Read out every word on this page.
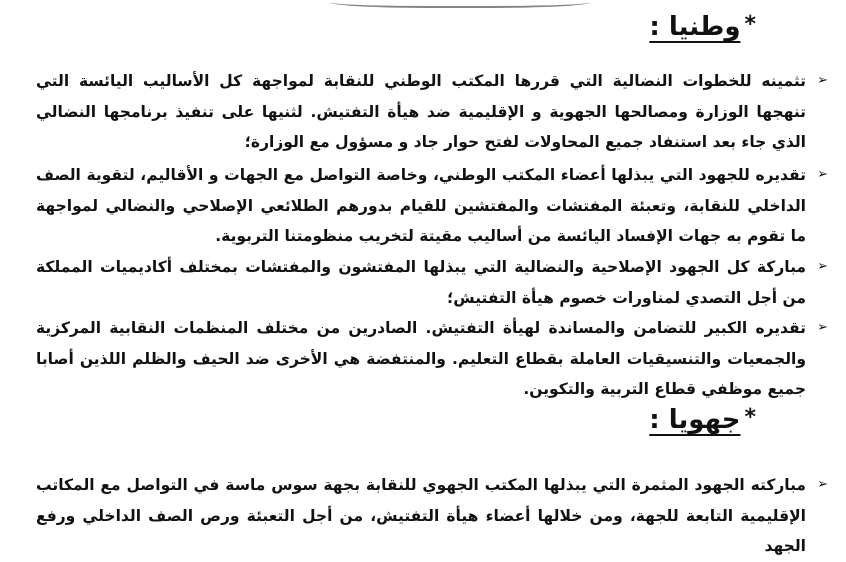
*وطنيا :
➢
تثمينه للخطوات النضالية التي قررها المكتب الوطني للنقابة لمواجهة كل الأساليب اليائسة التي تنهجها الوزارة ومصالحها الجهوية و الإقليمية ضد هيأة التفتيش. لثنيها على تنفيذ برنامجها النضالي الذي جاء بعد استنفاد جميع المحاولات لفتح حوار جاد و مسؤول مع الوزارة؛
➢
تقديره للجهود التي يبذلها أعضاء المكتب الوطني، وخاصة التواصل مع الجهات و الأقاليم، لتقوية الصف الداخلي للنقابة، وتعبئة المفتشات والمفتشين للقيام بدورهم الطلائعي الإصلاحي والنضالي لمواجهة ما تقوم به جهات الإفساد اليائسة من أساليب مقيتة لتخريب منظومتنا التربوية.
➢
مباركة كل الجهود الإصلاحية والنضالية التي يبذلها المفتشون والمفتشات بمختلف أكاديميات المملكة من أجل التصدي لمناورات خصوم هيأة التفتيش؛
➢
تقديره الكبير للتضامن والمساندة لهيأة التفتيش. الصادرين من مختلف المنظمات النقابية المركزية والجمعيات والتنسيقيات العاملة بقطاع التعليم. والمنتفضة هي الأخرى ضد الحيف والظلم اللذين أصابا جميع موظفي قطاع التربية والتكوين.
*جهويا :
➢
مباركته الجهود المثمرة التي يبذلها المكتب الجهوي للنقابة بجهة سوس ماسة في التواصل مع المكاتب الإقليمية التابعة للجهة، ومن خلالها أعضاء هيأة التفتيش، من أجل التعبئة ورص الصف الداخلي ورفع الجهد
